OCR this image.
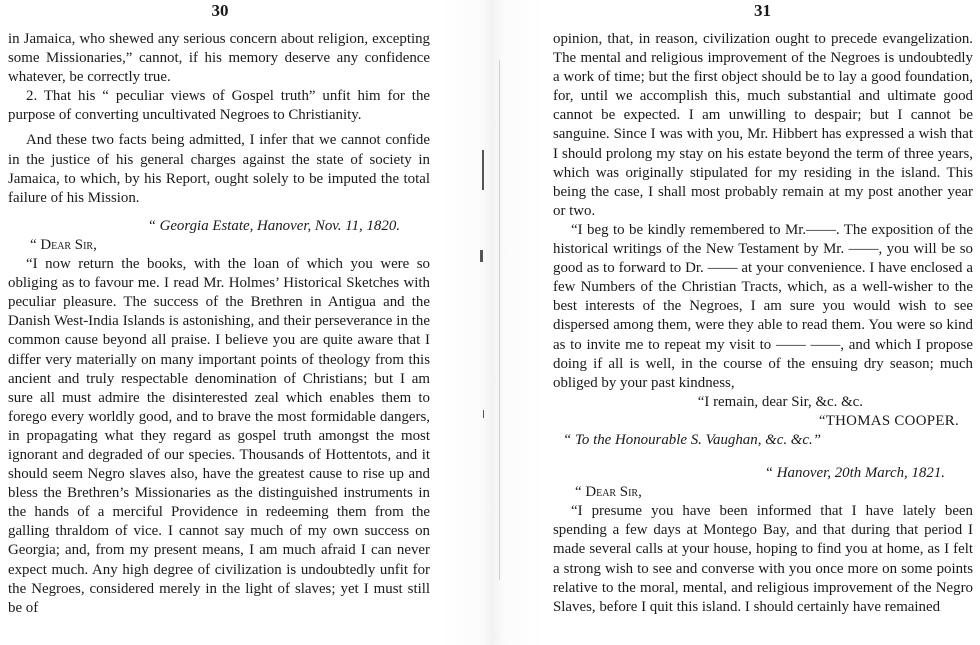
30

in Jamaica, who shewed any serious concern about religion, excepting some Missionaries,” cannot, if his memory deserve any confidence whatever, be correctly true.

2. That his “ peculiar views of Gospel truth” unfit him for the purpose of converting uncultivated Negroes to Christianity.

And these two facts being admitted, I infer that we cannot confide in the justice of his general charges against the state of society in Jamaica, to which, by his Report, ought solely to be imputed the total failure of his Mission.

“ Georgia Estate, Hanover, Nov. 11, 1820.

“ Dear Sir,

“I now return the books, with the loan of which you were so obliging as to favour me. I read Mr. Holmes’ Historical Sketches with peculiar pleasure. The success of the Brethren in Antigua and the Danish West-India Islands is astonishing, and their perseverance in the common cause beyond all praise. I believe you are quite aware that I differ very materially on many important points of theology from this ancient and truly respectable denomination of Christians; but I am sure all must admire the disinterested zeal which enables them to forego every worldly good, and to brave the most formidable dangers, in propagating what they regard as gospel truth amongst the most ignorant and degraded of our species. Thousands of Hottentots, and it should seem Negro slaves also, have the greatest cause to rise up and bless the Brethren’s Missionaries as the distinguished instruments in the hands of a merciful Providence in redeeming them from the galling thraldom of vice. I cannot say much of my own success on Georgia; and, from my present means, I am much afraid I can never expect much. Any high degree of civilization is undoubtedly unfit for the Negroes, considered merely in the light of slaves; yet I must still be of

31

opinion, that, in reason, civilization ought to precede evangelization. The mental and religious improvement of the Negroes is undoubtedly a work of time; but the first object should be to lay a good foundation, for, until we accomplish this, much substantial and ultimate good cannot be expected. I am unwilling to despair; but I cannot be sanguine. Since I was with you, Mr. Hibbert has expressed a wish that I should prolong my stay on his estate beyond the term of three years, which was originally stipulated for my residing in the island. This being the case, I shall most probably remain at my post another year or two.

“I beg to be kindly remembered to Mr.——. The exposition of the historical writings of the New Testament by Mr. ——, you will be so good as to forward to Dr. —— at your convenience. I have enclosed a few Numbers of the Christian Tracts, which, as a well-wisher to the best interests of the Negroes, I am sure you would wish to see dispersed among them, were they able to read them. You were so kind as to invite me to repeat my visit to —— ——, and which I propose doing if all is well, in the course of the ensuing dry season; much obliged by your past kindness,

“I remain, dear Sir, &c. &c.

“THOMAS COOPER.

“ To the Honourable S. Vaughan, &c. &c.”

“ Hanover, 20th March, 1821.

“ Dear Sir,

“I presume you have been informed that I have lately been spending a few days at Montego Bay, and that during that period I made several calls at your house, hoping to find you at home, as I felt a strong wish to see and converse with you once more on some points relative to the moral, mental, and religious improvement of the Negro Slaves, before I quit this island. I should certainly have remained
